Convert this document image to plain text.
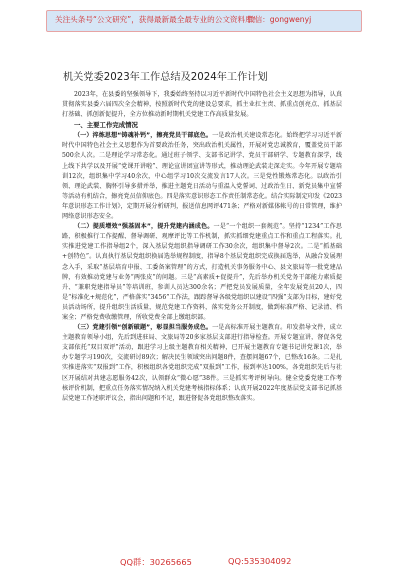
关注头条号“公文研究”，获得最新最全最专业的公文资料库！
微信：gongwenyj
机关党委2023年工作总结及2024年工作计划

2023年，在县委的坚强领导下，我委始终坚持以习近平新时代中国特色社会主义思想为指导，认真贯彻落实县委六届四次全会精神，按照新时代党的建设总要求，抓主业扛主责、抓重点创亮点、抓基层打基础、抓创新促提升，全方位推动新时期机关党建工作高质量发展。

一、主要工作完成情况

（一）淬炼思想“铸魂补钙”，擦亮党员干部底色。一是政治机关建设常态化。始终把学习习近平新时代中国特色社会主义思想作为首要政治任务，突出政治机关属性，开展对党忠诚教育，覆盖党员干部500余人次。二是理论学习常态化。通过班子领学、支部书记讲学、党员干部研学、专题教育深学，线上线下共学以及开展“党课开讲啦”、理论宣讲团宣讲等形式，推动理论武装走深走实。今年开展专题培训12次，组织集中学习40余次，中心组学习10次交流发言17人次。三是党性锻炼常态化。以政治引领、理论武装、胸怀引导多措并举，推进主题党日活动与重温入党誓词、过政治生日、新党员集中宣誓等活动有机结合，擦亮党员信仰底色。四是落实意识形态工作责任制常态化。结合实际制定印发《2023年意识形态工作计划》，定期开展分析研判，报送信息网评471条；严格对新媒体帐号的日常管理，维护网络意识形态安全。

（二）提质增效“强基固本”，提升党建内涵成色。一是“一个组织一套规范”。坚持“1234”工作思路，积极推行工作提醒、督导调研、观摩评比等工作机制，抓实抓细党建重点工作和重点工程落实。扎实推进党建工作指导组2个，深入基层党组织指导调研工作30余次，组织集中督导2次。二是“抓基础+创特色”。认真执行基层党组织换届选举规程制度，指导8个基层党组织完成换届选举，从融合发展理念入手，采取“基层培育申报、工委备案管理”的方式，打造机关事务服务中心、县文旅局等一批党建品牌，有效推动党建与业务“两张皮”的问题。三是“高素质+促提升”，先后举办机关党务干部能力素质提升、“兼职党建指导员”等培训班，参训人员达300余名；严把党员发展质量，全年发展党员20人，四是“标准化+规范化”，严格落实“3456”工作法，跟踪督导各级党组织以建设“四强”支部为目标，建好党员活动场所，提升组织生活质量，规范党建工作资料，落实党务公开制度，做到标准严格、记录清、档案全；严格党费收缴管理，所收党费全部上缴组织部。

（三）党建引领“创新破题”，彰显担当服务成色。一是高标准开展主题教育。印发指导文件，成立主题教育领导小组，先后到进驻局、文旅局等20多家基层支部进行指导检查。开展专题宣讲，督促各党支部依托“双目双评”活动，跟进学习上级主题教育相关精神，已开展主题教育专题书记讲党课1次，举办专题学习190次，交流研讨89次；解决民生领域突出问题8件，查摆问题67个，已整改16条。二是扎实推进落实“双报到”工作，积极组织各党组织完成“双报到”工作，报到率达100%，各党组织先后与社区开展结对共建志愿服务42次，认领群众“微心愿”38件。三是抓实考评树导向。健全党委党建工作考核评价机制，把重点任务落实情况纳入机关党建考核指标体系；认真开展2022年度基层党支部书记抓基层党建工作述职评议会，指出问题和不足，跟进督促各党组织整改落实。

QQ群：30265665	QQ:535304092
